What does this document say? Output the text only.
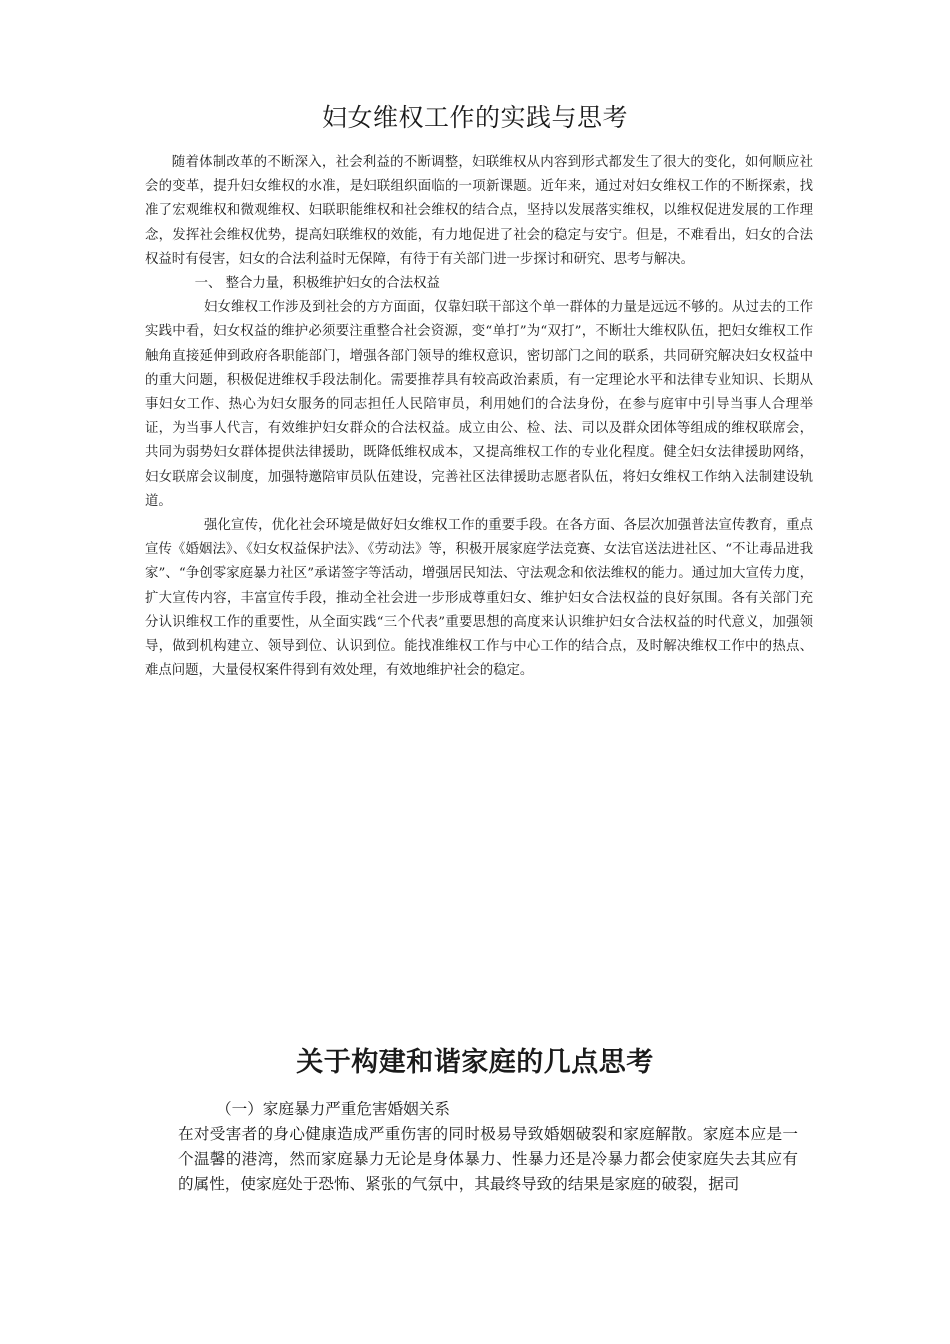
妇女维权工作的实践与思考

随着体制改革的不断深入，社会利益的不断调整，妇联维权从内容到形式都发生了很大的变化，如何顺应社会的变革，提升妇女维权的水准，是妇联组织面临的一项新课题。近年来，通过对妇女维权工作的不断探索，找准了宏观维权和微观维权、妇联职能维权和社会维权的结合点，坚持以发展落实维权，以维权促进发展的工作理念，发挥社会维权优势，提高妇联维权的效能，有力地促进了社会的稳定与安宁。但是，不难看出，妇女的合法权益时有侵害，妇女的合法利益时无保障，有待于有关部门进一步探讨和研究、思考与解决。

一、 整合力量，积极维护妇女的合法权益

妇女维权工作涉及到社会的方方面面，仅靠妇联干部这个单一群体的力量是远远不够的。从过去的工作实践中看，妇女权益的维护必须要注重整合社会资源，变“单打”为“双打”，不断壮大维权队伍，把妇女维权工作触角直接延伸到政府各职能部门，增强各部门领导的维权意识，密切部门之间的联系，共同研究解决妇女权益中的重大问题，积极促进维权手段法制化。需要推荐具有较高政治素质，有一定理论水平和法律专业知识、长期从事妇女工作、热心为妇女服务的同志担任人民陪审员，利用她们的合法身份，在参与庭审中引导当事人合理举证，为当事人代言，有效维护妇女群众的合法权益。成立由公、检、法、司以及群众团体等组成的维权联席会，共同为弱势妇女群体提供法律援助，既降低维权成本，又提高维权工作的专业化程度。健全妇女法律援助网络，妇女联席会议制度，加强特邀陪审员队伍建设，完善社区法律援助志愿者队伍，将妇女维权工作纳入法制建设轨道。

强化宣传，优化社会环境是做好妇女维权工作的重要手段。在各方面、各层次加强普法宣传教育，重点宣传《婚姻法》、《妇女权益保护法》、《劳动法》等，积极开展家庭学法竞赛、女法官送法进社区、“不让毒品进我家”、“争创零家庭暴力社区”承诺签字等活动，增强居民知法、守法观念和依法维权的能力。通过加大宣传力度，扩大宣传内容，丰富宣传手段，推动全社会进一步形成尊重妇女、维护妇女合法权益的良好氛围。各有关部门充分认识维权工作的重要性，从全面实践“三个代表”重要思想的高度来认识维护妇女合法权益的时代意义，加强领导，做到机构建立、领导到位、认识到位。能找准维权工作与中心工作的结合点，及时解决维权工作中的热点、难点问题，大量侵权案件得到有效处理，有效地维护社会的稳定。

关于构建和谐家庭的几点思考

（一）家庭暴力严重危害婚姻关系

在对受害者的身心健康造成严重伤害的同时极易导致婚姻破裂和家庭解散。家庭本应是一个温馨的港湾，然而家庭暴力无论是身体暴力、性暴力还是冷暴力都会使家庭失去其应有的属性，使家庭处于恐怖、紧张的气氛中，其最终导致的结果是家庭的破裂，据司
